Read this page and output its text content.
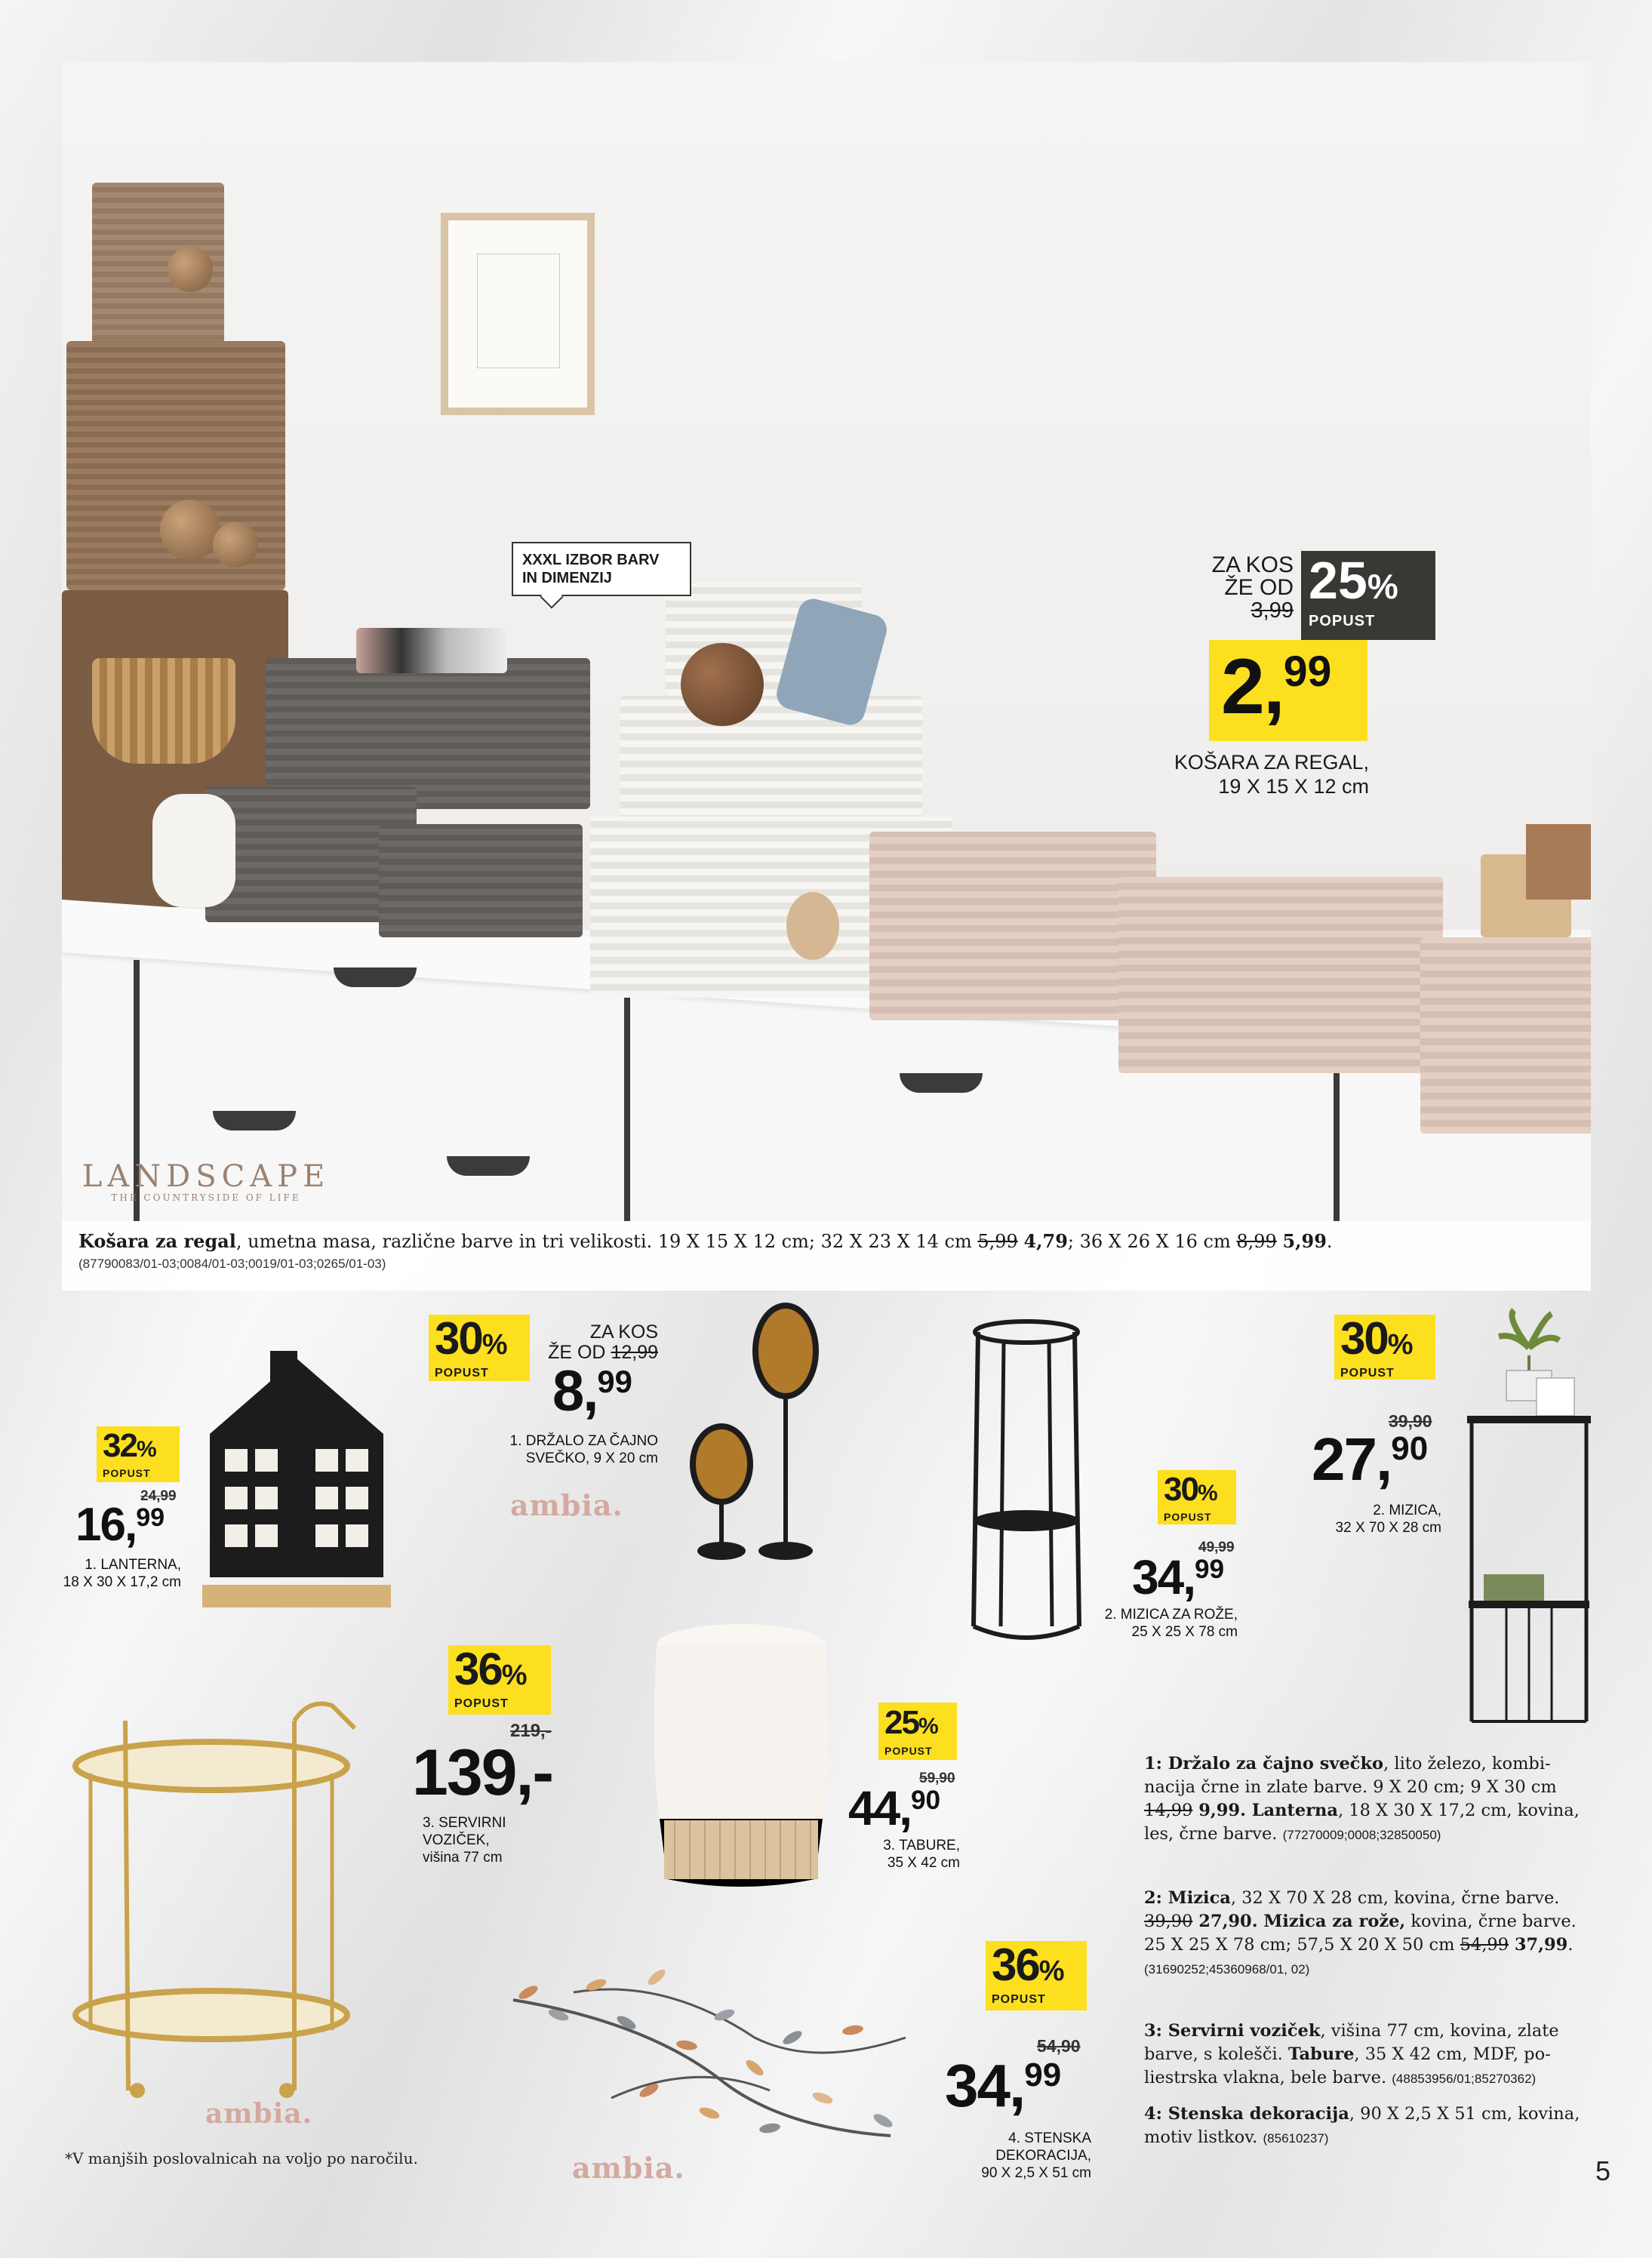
LANDSCAPE
THE COUNTRYSIDE OF LIFE
XXXL IZBOR BARV
IN DIMENZIJ
ZA KOS
ŽE OD
3,99
25%
POPUST
2,99
KOŠARA ZA REGAL,
19 X 15 X 12 cm
Košara za regal, umetna masa, različne barve in tri velikosti. 19 X 15 X 12 cm; 32 X 23 X 14 cm 5,99 4,79; 36 X 26 X 16 cm 8,99 5,99.
(87790083/01-03;0084/01-03;0019/01-03;0265/01-03)
32%
POPUST
24,99
16,99
1. LANTERNA,
18 X 30 X 17,2 cm
30%
POPUST
ZA KOS
ŽE OD 12,99
8,99
1. DRŽALO ZA ČAJNO
SVEČKO, 9 X 20 cm
ambia.	30%
POPUST
49,99
34,99
2. MIZICA ZA ROŽE,
25 X 25 X 78 cm
30%
POPUST
39,90
27,90
2. MIZICA,
32 X 70 X 28 cm
36%
POPUST
219,-
139,-
3. SERVIRNI
VOZIČEK,
višina 77 cm
ambia.
25%
POPUST
59,90
44,90
3. TABURE,
35 X 42 cm
36%
POPUST
54,90
34,99
4. STENSKA
DEKORACIJA,
90 X 2,5 X 51 cm
ambia.
1: Držalo za čajno svečko, lito železo, kombi- nacija črne in zlate barve. 9 X 20 cm; 9 X 30 cm 14,99 9,99. Lanterna, 18 X 30 X 17,2 cm, kovina, les, črne barve. (77270009;0008;32850050)
2: Mizica, 32 X 70 X 28 cm, kovina, črne barve. 39,90 27,90. Mizica za rože, kovina, črne barve. 25 X 25 X 78 cm; 57,5 X 20 X 50 cm 54,99 37,99. (31690252;45360968/01, 02)
3: Servirni voziček, višina 77 cm, kovina, zlate barve, s kolešči. Tabure, 35 X 42 cm, MDF, po- liestrska vlakna, bele barve. (48853956/01;85270362)
4: Stenska dekoracija, 90 X 2,5 X 51 cm, kovina, motiv listkov. (85610237)
*V manjših poslovalnicah na voljo po naročilu.	5
